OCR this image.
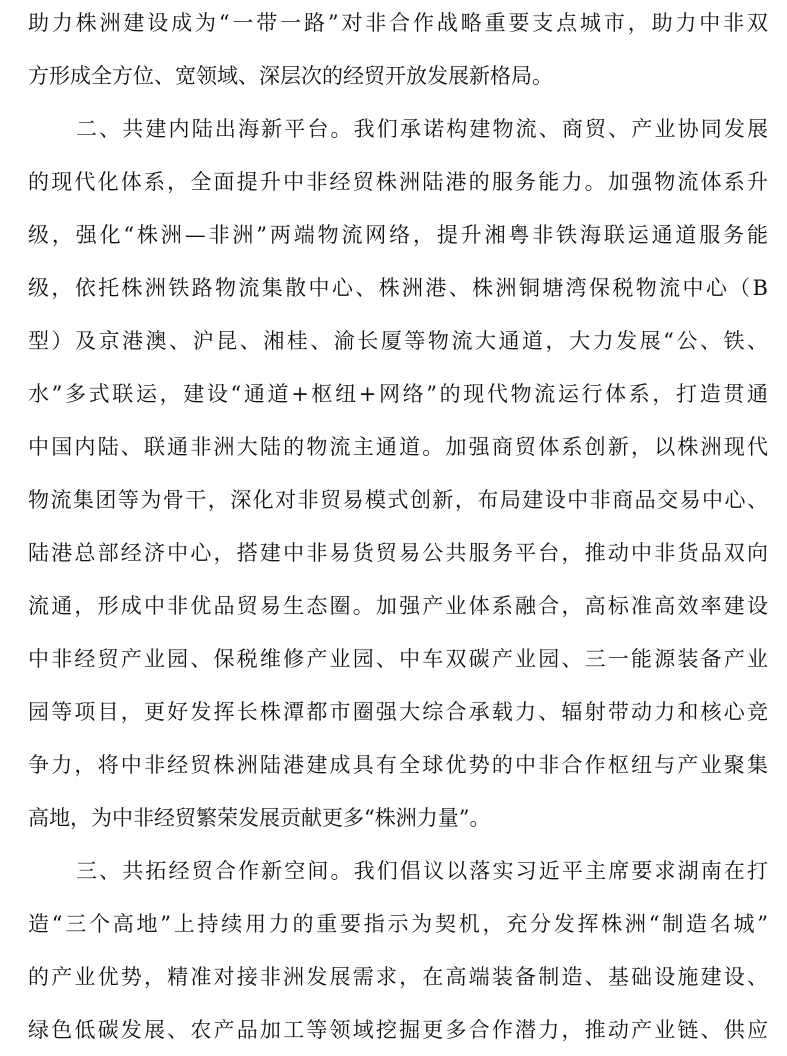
助力株洲建设成为“一带一路”对非合作战略重要支点城市，助力中非双
方形成全方位、宽领域、深层次的经贸开放发展新格局。
二、共建内陆出海新平台。我们承诺构建物流、商贸、产业协同发展
的现代化体系，全面提升中非经贸株洲陆港的服务能力。加强物流体系升
级，强化“株洲—非洲”两端物流网络，提升湘粤非铁海联运通道服务能
级，依托株洲铁路物流集散中心、株洲港、株洲铜塘湾保税物流中心（B
型）及京港澳、沪昆、湘桂、渝长厦等物流大通道，大力发展“公、铁、
水”多式联运，建设“通道+枢纽+网络”的现代物流运行体系，打造贯通
中国内陆、联通非洲大陆的物流主通道。加强商贸体系创新，以株洲现代
物流集团等为骨干，深化对非贸易模式创新，布局建设中非商品交易中心、
陆港总部经济中心，搭建中非易货贸易公共服务平台，推动中非货品双向
流通，形成中非优品贸易生态圈。加强产业体系融合，高标准高效率建设
中非经贸产业园、保税维修产业园、中车双碳产业园、三一能源装备产业
园等项目，更好发挥长株潭都市圈强大综合承载力、辐射带动力和核心竞
争力，将中非经贸株洲陆港建成具有全球优势的中非合作枢纽与产业聚集
高地，为中非经贸繁荣发展贡献更多“株洲力量”。
三、共拓经贸合作新空间。我们倡议以落实习近平主席要求湖南在打
造“三个高地”上持续用力的重要指示为契机，充分发挥株洲“制造名城”
的产业优势，精准对接非洲发展需求，在高端装备制造、基础设施建设、
绿色低碳发展、农产品加工等领域挖掘更多合作潜力，推动产业链、供应
